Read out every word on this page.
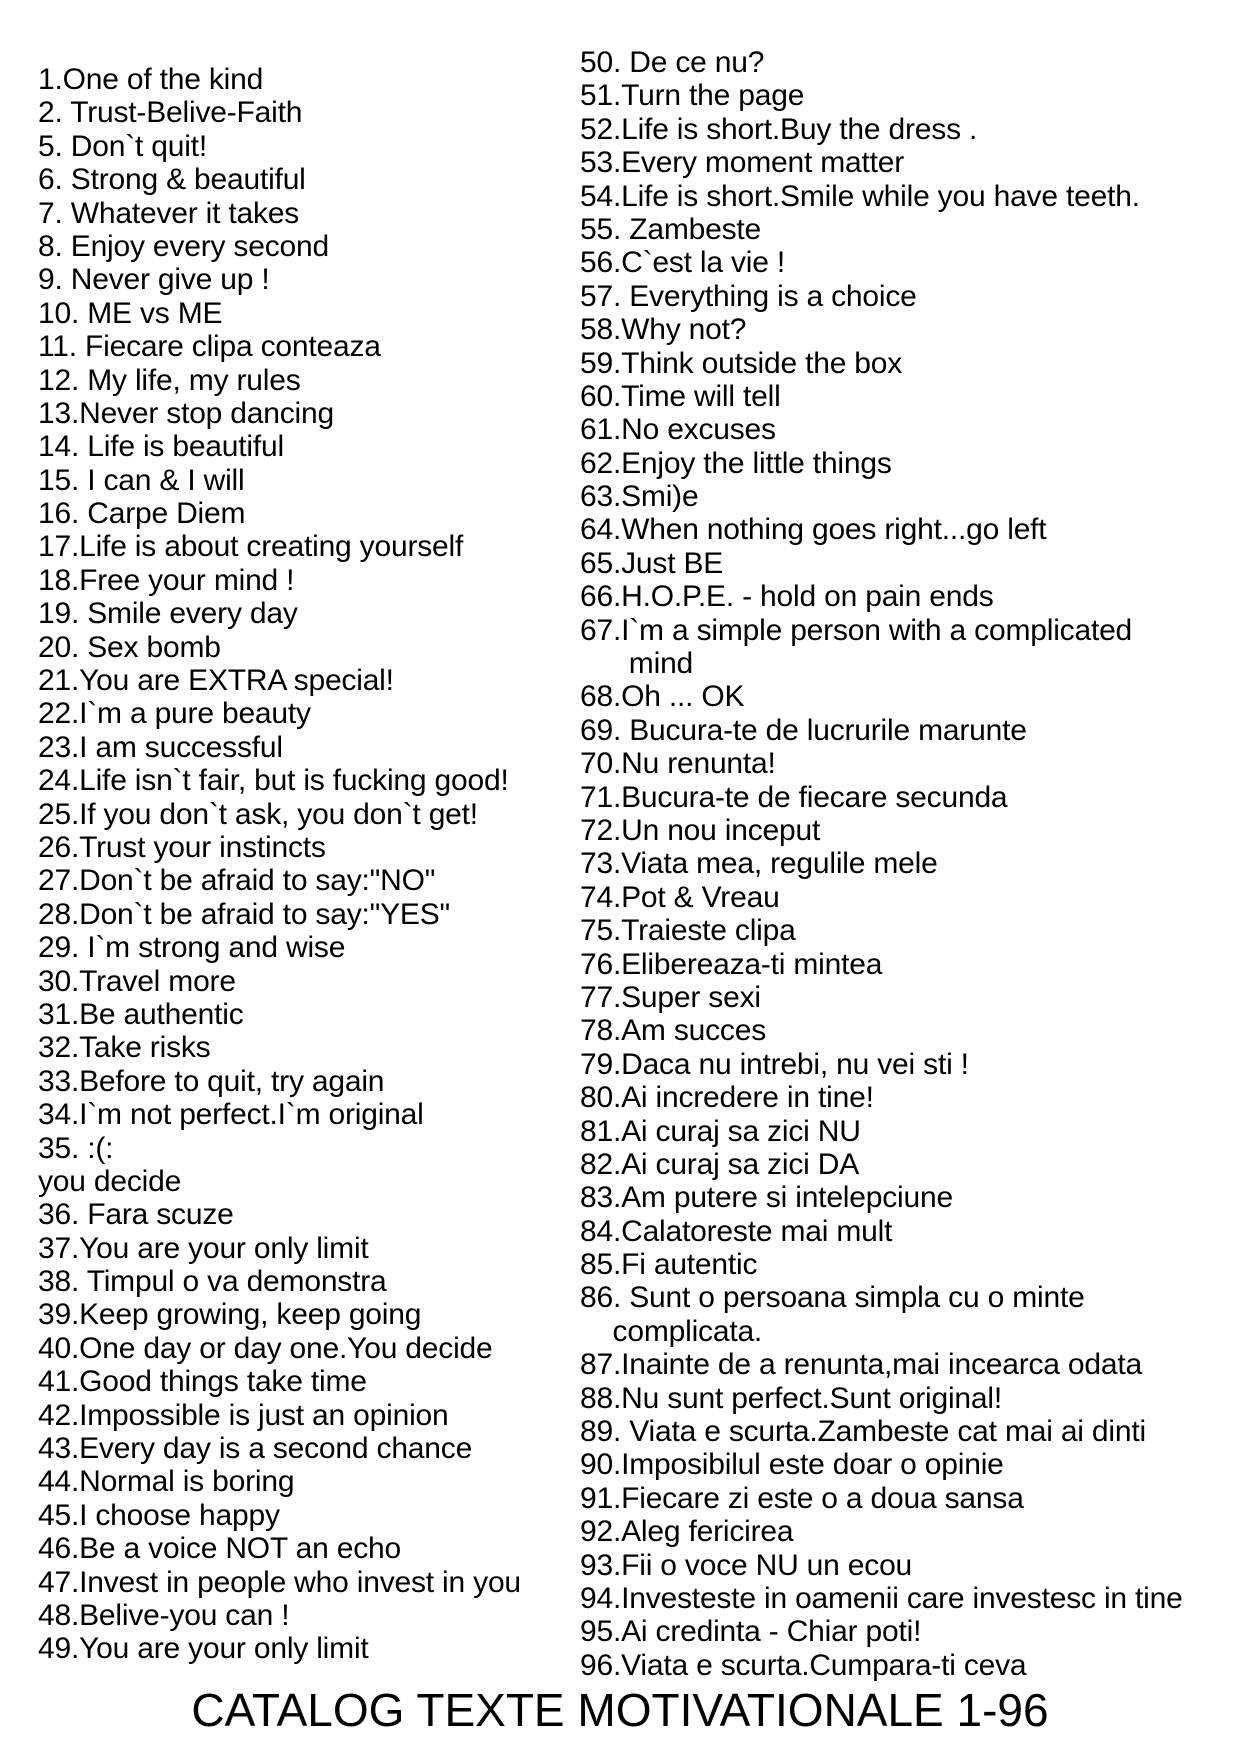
1.One of the kind
2. Trust-Belive-Faith
5. Don`t quit!
6. Strong & beautiful
7. Whatever it takes
8. Enjoy every second
9. Never give up !
10. ME vs ME
11. Fiecare clipa conteaza
12. My life, my rules
13.Never stop dancing
14. Life is beautiful
15. I can & I will
16. Carpe Diem
17.Life is about creating yourself
18.Free your mind !
19. Smile every day
20. Sex bomb
21.You are EXTRA special!
22.I`m a pure beauty
23.I am successful
24.Life isn`t fair, but is fucking good!
25.If you don`t ask, you don`t get!
26.Trust your instincts
27.Don`t be afraid to say:"NO"
28.Don`t be afraid to say:"YES"
29. I`m strong and wise
30.Travel more
31.Be authentic
32.Take risks
33.Before to quit, try again
34.I`m not perfect.I`m original
35. :(:
you decide
36. Fara scuze
37.You are your only limit
38. Timpul o va demonstra
39.Keep growing, keep going
40.One day or day one.You decide
41.Good things take time
42.Impossible is just an opinion
43.Every day is a second chance
44.Normal is boring
45.I choose happy
46.Be a voice NOT an echo
47.Invest in people who invest in you
48.Belive-you can !
49.You are your only limit
50. De ce nu?
51.Turn the page
52.Life is short.Buy the dress .
53.Every moment matter
54.Life is short.Smile while you have teeth.
55. Zambeste
56.C`est la vie !
57. Everything is a choice
58.Why not?
59.Think outside the box
60.Time will tell
61.No excuses
62.Enjoy the little things
63.Smi)e
64.When nothing goes right...go left
65.Just BE
66.H.O.P.E. - hold on pain ends
67.I`m a simple person with a complicated
mind
68.Oh ... OK
69. Bucura-te de lucrurile marunte
70.Nu renunta!
71.Bucura-te de fiecare secunda
72.Un nou inceput
73.Viata mea, regulile mele
74.Pot & Vreau
75.Traieste clipa
76.Elibereaza-ti mintea
77.Super sexi
78.Am succes
79.Daca nu intrebi, nu vei sti !
80.Ai incredere in tine!
81.Ai curaj sa zici NU
82.Ai curaj sa zici DA
83.Am putere si intelepciune
84.Calatoreste mai mult
85.Fi autentic
86. Sunt o persoana simpla cu o minte
complicata.
87.Inainte de a renunta,mai incearca odata
88.Nu sunt perfect.Sunt original!
89. Viata e scurta.Zambeste cat mai ai dinti
90.Imposibilul este doar o opinie
91.Fiecare zi este o a doua sansa
92.Aleg fericirea
93.Fii o voce NU un ecou
94.Investeste in oamenii care investesc in tine
95.Ai credinta - Chiar poti!
96.Viata e scurta.Cumpara-ti ceva
CATALOG TEXTE MOTIVATIONALE 1-96
